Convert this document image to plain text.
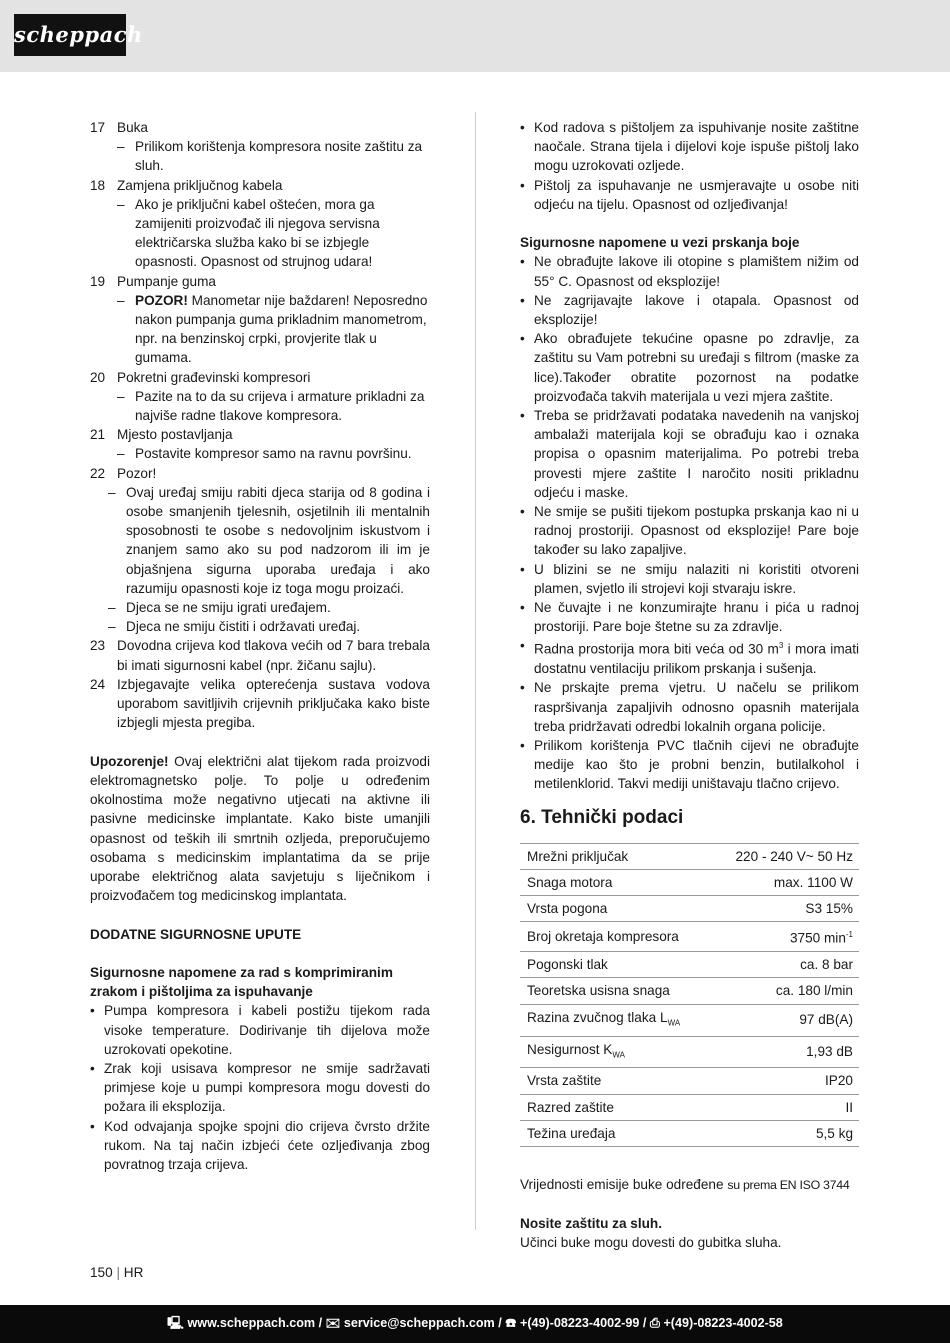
scheppach
17 Buka
– Prilikom korištenja kompresora nosite zaštitu za sluh.
18 Zamjena priključnog kabela
– Ako je priključni kabel oštećen, mora ga zamijeniti proizvođač ili njegova servisna električarska služba kako bi se izbjegle opasnosti. Opasnost od strujnog udara!
19 Pumpanje guma
– POZOR! Manometar nije baždaren! Neposredno nakon pumpanja guma prikladnim manometrom, npr. na benzinskoj crpki, provjerite tlak u gumama.
20 Pokretni građevinski kompresori
– Pazite na to da su crijeva i armature prikladni za najviše radne tlakove kompresora.
21 Mjesto postavljanja
– Postavite kompresor samo na ravnu površinu.
22 Pozor!
– Ovaj uređaj smiju rabiti djeca starija od 8 godina i osobe smanjenih tjelesnih, osjetilnih ili mentalnih sposobnosti te osobe s nedovoljnim iskustvom i znanjem samo ako su pod nadzorom ili im je objašnjena sigurna uporaba uređaja i ako razumiju opasnosti koje iz toga mogu proizaći.
– Djeca se ne smiju igrati uređajem.
– Djeca ne smiju čistiti i održavati uređaj.
23 Dovodna crijeva kod tlakova većih od 7 bara trebala bi imati sigurnosni kabel (npr. žičanu sajlu).
24 Izbjegavajte velika opterećenja sustava vodova uporabom savitljivih crijevnih priključaka kako biste izbjegli mjesta pregiba.
Upozorenje! Ovaj električni alat tijekom rada proizvodi elektromagnetsko polje. To polje u određenim okolnostima može negativno utjecati na aktivne ili pasivne medicinske implantate. Kako biste umanjili opasnost od teških ili smrtnih ozljeda, preporučujemo osobama s medicinskim implantatima da se prije uporabe električnog alata savjetuju s liječnikom i proizvođačem tog medicinskog implantata.
DODATNE SIGURNOSNE UPUTE
Sigurnosne napomene za rad s komprimiranim zrakom i pištoljima za ispuhavanje
• Pumpa kompresora i kabeli postižu tijekom rada visoke temperature. Dodirivanje tih dijelova može uzrokovati opekotine.
• Zrak koji usisava kompresor ne smije sadržavati primjese koje u pumpi kompresora mogu dovesti do požara ili eksplozija.
• Kod odvajanja spojke spojni dio crijeva čvrsto držite rukom. Na taj način izbjeći ćete ozljeđivanja zbog povratnog trzaja crijeva.
• Kod radova s pištoljem za ispuhivanje nosite zaštitne naočale. Strana tijela i dijelovi koje ispuše pištolj lako mogu uzrokovati ozljede.
• Pištolj za ispuhavanje ne usmjeravajte u osobe niti odjeću na tijelu. Opasnost od ozljeđivanja!
Sigurnosne napomene u vezi prskanja boje
• Ne obrađujte lakove ili otopine s plamištem nižim od 55° C. Opasnost od eksplozije!
• Ne zagrijavajte lakove i otapala. Opasnost od eksplozije!
• Ako obrađujete tekućine opasne po zdravlje, za zaštitu su Vam potrebni su uređaji s filtrom (maske za lice).Također obratite pozornost na podatke proizvođača takvih materijala u vezi mjera zaštite.
• Treba se pridržavati podataka navedenih na vanjskoj ambalaži materijala koji se obrađuju kao i oznaka propisa o opasnim materijalima. Po potrebi treba provesti mjere zaštite I naročito nositi prikladnu odjeću i maske.
• Ne smije se pušiti tijekom postupka prskanja kao ni u radnoj prostoriji. Opasnost od eksplozije! Pare boje također su lako zapaljive.
• U blizini se ne smiju nalaziti ni koristiti otvoreni plamen, svjetlo ili strojevi koji stvaraju iskre.
• Ne čuvajte i ne konzumirajte hranu i pića u radnoj prostoriji. Pare boje štetne su za zdravlje.
• Radna prostorija mora biti veća od 30 $m^3$ i mora imati dostatnu ventilaciju prilikom prskanja i sušenja.
• Ne prskajte prema vjetru. U načelu se prilikom raspršivanja zapaljivih odnosno opasnih materijala treba pridržavati odredbi lokalnih organa policije.
• Prilikom korištenja PVC tlačnih cijevi ne obrađujte medije kao što je probni benzin, butilalkohol i metilenklorid. Takvi mediji uništavaju tlačno crijevo.
6. Tehnički podaci
Mrežni priključak	220 - 240 V~ 50 Hz
Snaga motora	max. 1100 W
Vrsta pogona	S3 15%
Broj okretaja kompresora	3750 $\min^{-1}$
Pogonski tlak	ca. 8 bar
Teoretska usisna snaga	ca. 180 l/min
Razina zvučnog tlaka $L_{WA}$	97 dB(A)
Nesigurnost $K_{WA}$	1,93 dB
Vrsta zaštite	IP20
Razred zaštite	II
Težina uređaja	5,5 kg
Vrijednosti emisije buke određene su prema EN ISO 3744
Nosite zaštitu za sluh.
Učinci buke mogu dovesti do gubitka sluha.
150 | HR
🖳 www.scheppach.com / ✉ service@scheppach.com / ☎ +(49)-08223-4002-99 / ⎙ +(49)-08223-4002-58
